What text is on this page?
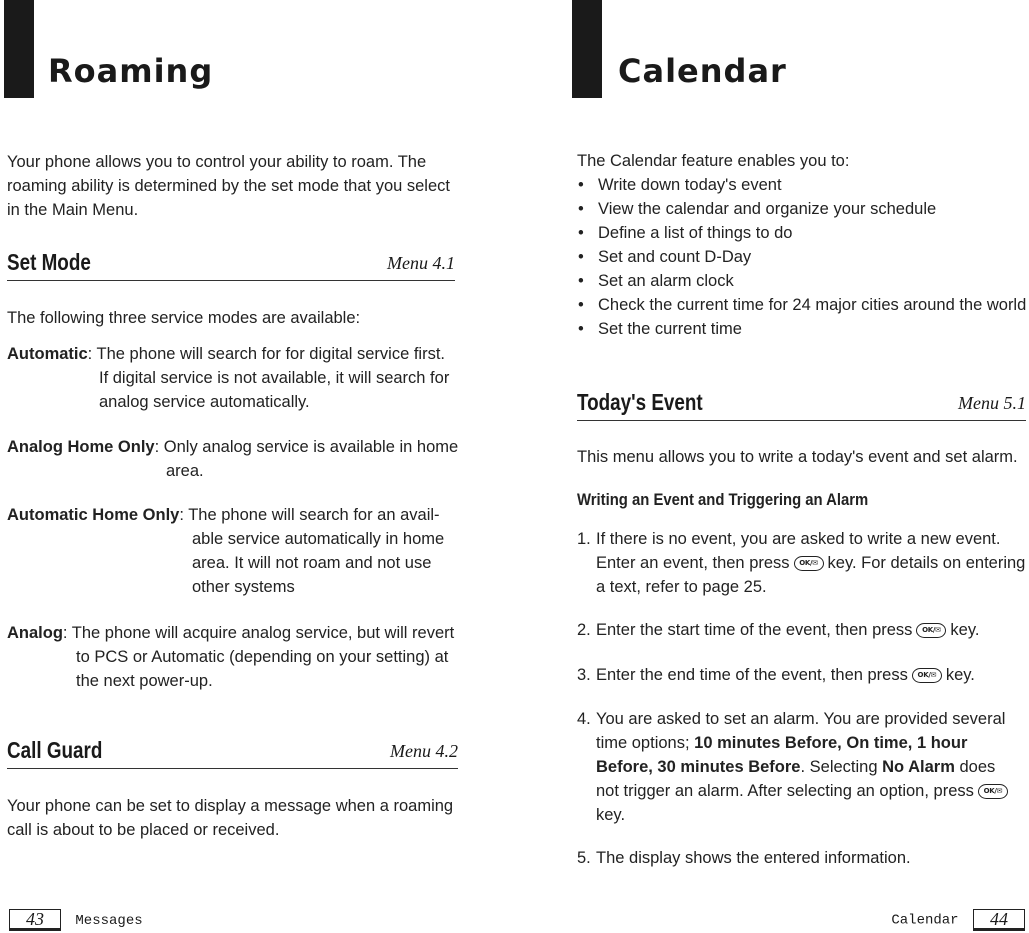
Roaming
Your phone allows you to control your ability to roam. The
roaming ability is determined by the set mode that you select
in the Main Menu.
Set Mode	Menu 4.1
The following three service modes are available:
Automatic: The phone will search for for digital service first.
If digital service is not available, it will search for
analog service automatically.
Analog Home Only: Only analog service is available in home
area.
Automatic Home Only: The phone will search for an avail-
able service automatically in home
area. It will not roam and not use
other systems
Analog: The phone will acquire analog service, but will revert
to PCS or Automatic (depending on your setting) at
the next power-up.
Call Guard	Menu 4.2
Your phone can be set to display a message when a roaming
call is about to be placed or received.
43 Messages
Calendar
The Calendar feature enables you to:
• Write down today's event
• View the calendar and organize your schedule
• Define a list of things to do
• Set and count D-Day
• Set an alarm clock
• Check the current time for 24 major cities around the world
• Set the current time
Today's Event	Menu 5.1
This menu allows you to write a today's event and set alarm.
Writing an Event and Triggering an Alarm
1. If there is no event, you are asked to write a new event.
Enter an event, then press OK/✉ key. For details on entering
a text, refer to page 25.
2. Enter the start time of the event, then press OK/✉ key.
3. Enter the end time of the event, then press OK/✉ key.
4. You are asked to set an alarm. You are provided several
time options; 10 minutes Before, On time, 1 hour
Before, 30 minutes Before. Selecting No Alarm does
not trigger an alarm. After selecting an option, press OK/✉
key.
5. The display shows the entered information.
Calendar 44
